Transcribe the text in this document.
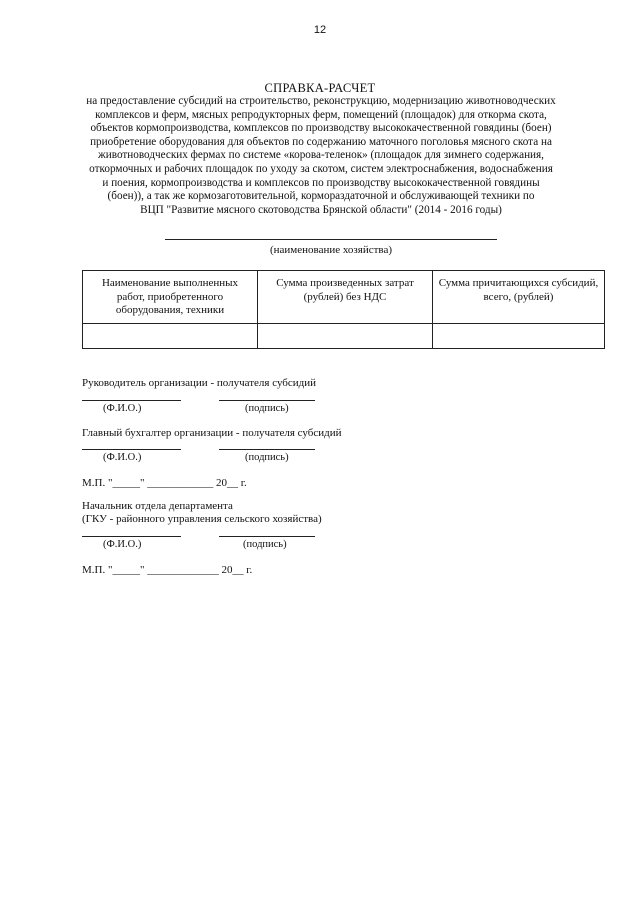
12
СПРАВКА-РАСЧЕТ
на предоставление субсидий на строительство, реконструкцию, модернизацию животноводческих
комплексов и ферм, мясных репродукторных ферм, помещений (площадок) для откорма скота,
объектов кормопроизводства, комплексов по производству высококачественной говядины (боен)
приобретение оборудования для объектов по содержанию маточного поголовья мясного скота на
животноводческих фермах по системе «корова-теленок» (площадок для зимнего содержания,
откормочных и рабочих площадок по уходу за скотом, систем электроснабжения, водоснабжения
и поения, кормопроизводства и комплексов по производству высококачественной говядины
(боен)), а так же кормозаготовительной, кормораздаточной и обслуживающей техники по
ВЦП "Развитие мясного скотоводства Брянской области" (2014 - 2016 годы)
(наименование хозяйства)
Наименование выполненных работ, приобретенного оборудования, техники	Сумма произведенных затрат (рублей) без НДС	Сумма причитающихся субсидий, всего, (рублей)

Руководитель организации - получателя субсидий
(Ф.И.О.)	(подпись)
Главный бухгалтер организации - получателя субсидий
(Ф.И.О.)	(подпись)
М.П. "_____" ____________ 20__ г.
Начальник отдела департамента
(ГКУ - районного управления сельского хозяйства)
(Ф.И.О.)	(подпись)
М.П. "_____" _____________ 20__ г.
